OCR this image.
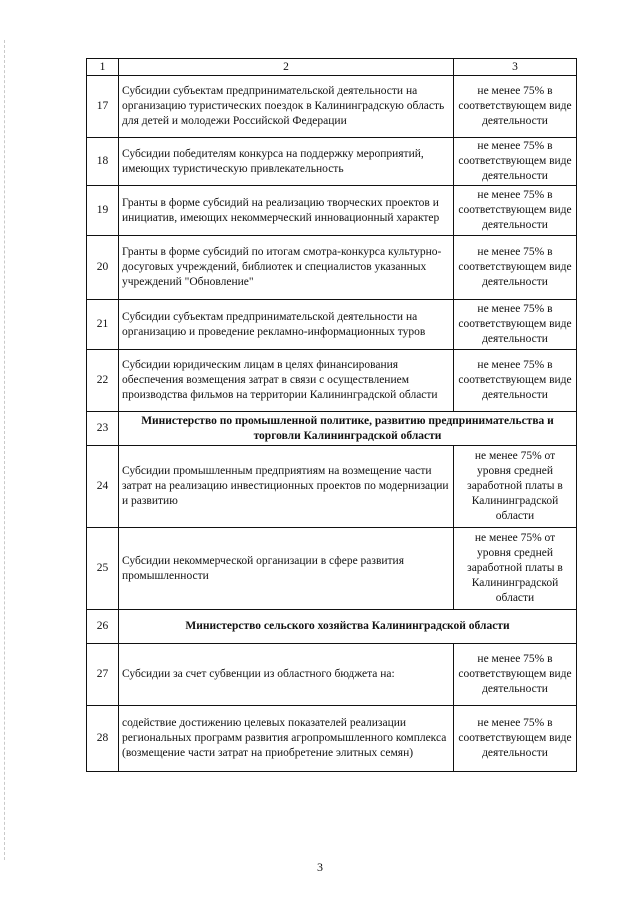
1	2	3
17	Субсидии субъектам предпринимательской деятельности на организацию туристических поездок в Калининградскую область для детей и молодежи Российской Федерации	не менее 75% в соответствующем виде деятельности
18	Субсидии победителям конкурса на поддержку мероприятий, имеющих туристическую привлекательность	не менее 75% в соответствующем виде деятельности
19	Гранты в форме субсидий на реализацию творческих проектов и инициатив, имеющих некоммерческий инновационный характер	не менее 75% в соответствующем виде деятельности
20	Гранты в форме субсидий по итогам смотра-конкурса культурно-досуговых учреждений, библиотек и специалистов указанных учреждений "Обновление"	не менее 75% в соответствующем виде деятельности
21	Субсидии субъектам предпринимательской деятельности на организацию и проведение рекламно-информационных туров	не менее 75% в соответствующем виде деятельности
22	Субсидии юридическим лицам в целях финансирования обеспечения возмещения затрат в связи с осуществлением производства фильмов на территории Калининградской области	не менее 75% в соответствующем виде деятельности
23	Министерство по промышленной политике, развитию предпринимательства и торговли Калининградской области	
24	Субсидии промышленным предприятиям на возмещение части затрат на реализацию инвестиционных проектов по модернизации и развитию	не менее 75% от уровня средней заработной платы в Калининградской области
25	Субсидии некоммерческой организации в сфере развития промышленности	не менее 75% от уровня средней заработной платы в Калининградской области
26	Министерство сельского хозяйства Калининградской области	
27	Субсидии за счет субвенции из областного бюджета на:	не менее 75% в соответствующем виде деятельности
28	содействие достижению целевых показателей реализации региональных программ развития агропромышленного комплекса (возмещение части затрат на приобретение элитных семян)	не менее 75% в соответствующем виде деятельности
3
